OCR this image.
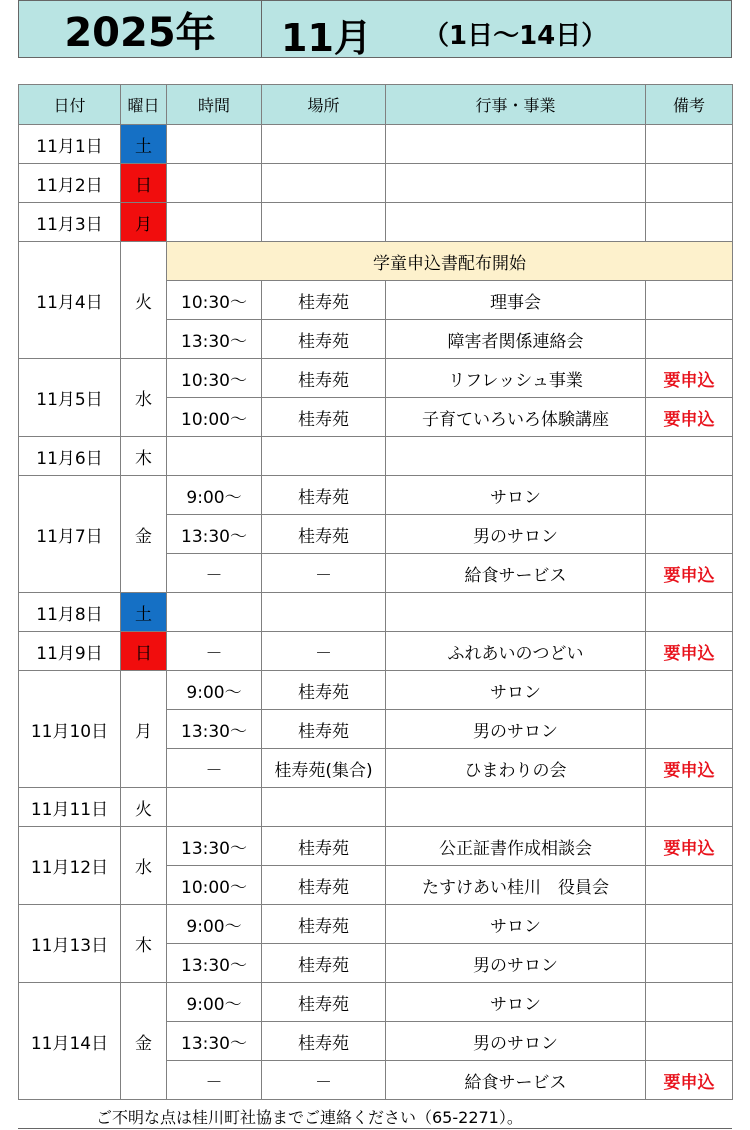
2025年	11月 （1日～14日）
日付	曜日	時間	場所	行事・事業	備考
11月1日	土				
11月2日	日				
11月3日	月				
11月4日	火	学童申込書配布開始			
		10:30～	桂寿苑	理事会	
		13:30～	桂寿苑	障害者関係連絡会	
11月5日	水	10:30～	桂寿苑	リフレッシュ事業	要申込
		10:00～	桂寿苑	子育ていろいろ体験講座	要申込
11月6日	木				
11月7日	金	9:00～	桂寿苑	サロン	
		13:30～	桂寿苑	男のサロン	
		－	－	給食サービス	要申込
11月8日	土				
11月9日	日	－	－	ふれあいのつどい	要申込
11月10日	月	9:00～	桂寿苑	サロン	
		13:30～	桂寿苑	男のサロン	
		－	桂寿苑(集合)	ひまわりの会	要申込
11月11日	火				
11月12日	水	13:30～	桂寿苑	公正証書作成相談会	要申込
		10:00～	桂寿苑	たすけあい桂川　役員会	
11月13日	木	9:00～	桂寿苑	サロン	
		13:30～	桂寿苑	男のサロン	
11月14日	金	9:00～	桂寿苑	サロン	
		13:30～	桂寿苑	男のサロン	
		－	－	給食サービス	要申込
ご不明な点は桂川町社協までご連絡ください（65-2271）。
